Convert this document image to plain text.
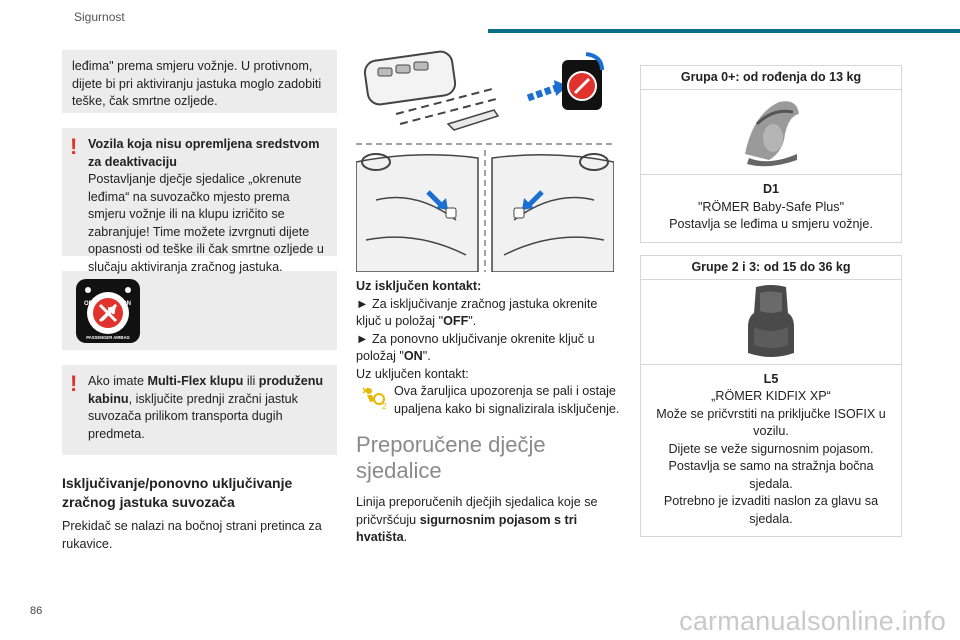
Sigurnost
leđima" prema smjeru vožnje. U protivnom, dijete bi pri aktiviranju jastuka moglo zadobiti teške, čak smrtne ozljede.
! Vozila koja nisu opremljena sredstvom za deaktivaciju
Postavljanje dječje sjedalice „okrenute leđima“ na suvozačko mjesto prema smjeru vožnje ili na klupu izričito se zabranjuje! Time možete izvrgnuti dijete opasnosti od teške ili čak smrtne ozljede u slučaju aktiviranja zračnog jastuka.
OFF	ON
PASSENGER AIRBAG
! Ako imate Multi-Flex klupu ili produženu kabinu, isključite prednji zračni jastuk suvozača prilikom transporta dugih predmeta.
Isključivanje/ponovno uključivanje zračnog jastuka suvozača
Prekidač se nalazi na bočnoj strani pretinca za rukavice.
Uz isključen kontakt:
► Za isključivanje zračnog jastuka okrenite ključ u položaj "OFF".
► Za ponovno uključivanje okrenite ključ u položaj "ON".
Uz uključen kontakt:
2
Ova žaruljica upozorenja se pali i ostaje upaljena kako bi signalizirala isključenje.
Preporučene dječje sjedalice
Linija preporučenih dječjih sjedalica koje se pričvršćuju sigurnosnim pojasom s tri hvatišta.
Grupa 0+: od rođenja do 13 kg
D1
"RÖMER Baby-Safe Plus"
Postavlja se leđima u smjeru vožnje.
Grupe 2 i 3: od 15 do 36 kg
L5
„RÖMER KIDFIX XP“
Može se pričvrstiti na priključke ISOFIX u vozilu.
Dijete se veže sigurnosnim pojasom.
Postavlja se samo na stražnja bočna sjedala.
Potrebno je izvaditi naslon za glavu sa sjedala.
86	carmanualsonline.info
